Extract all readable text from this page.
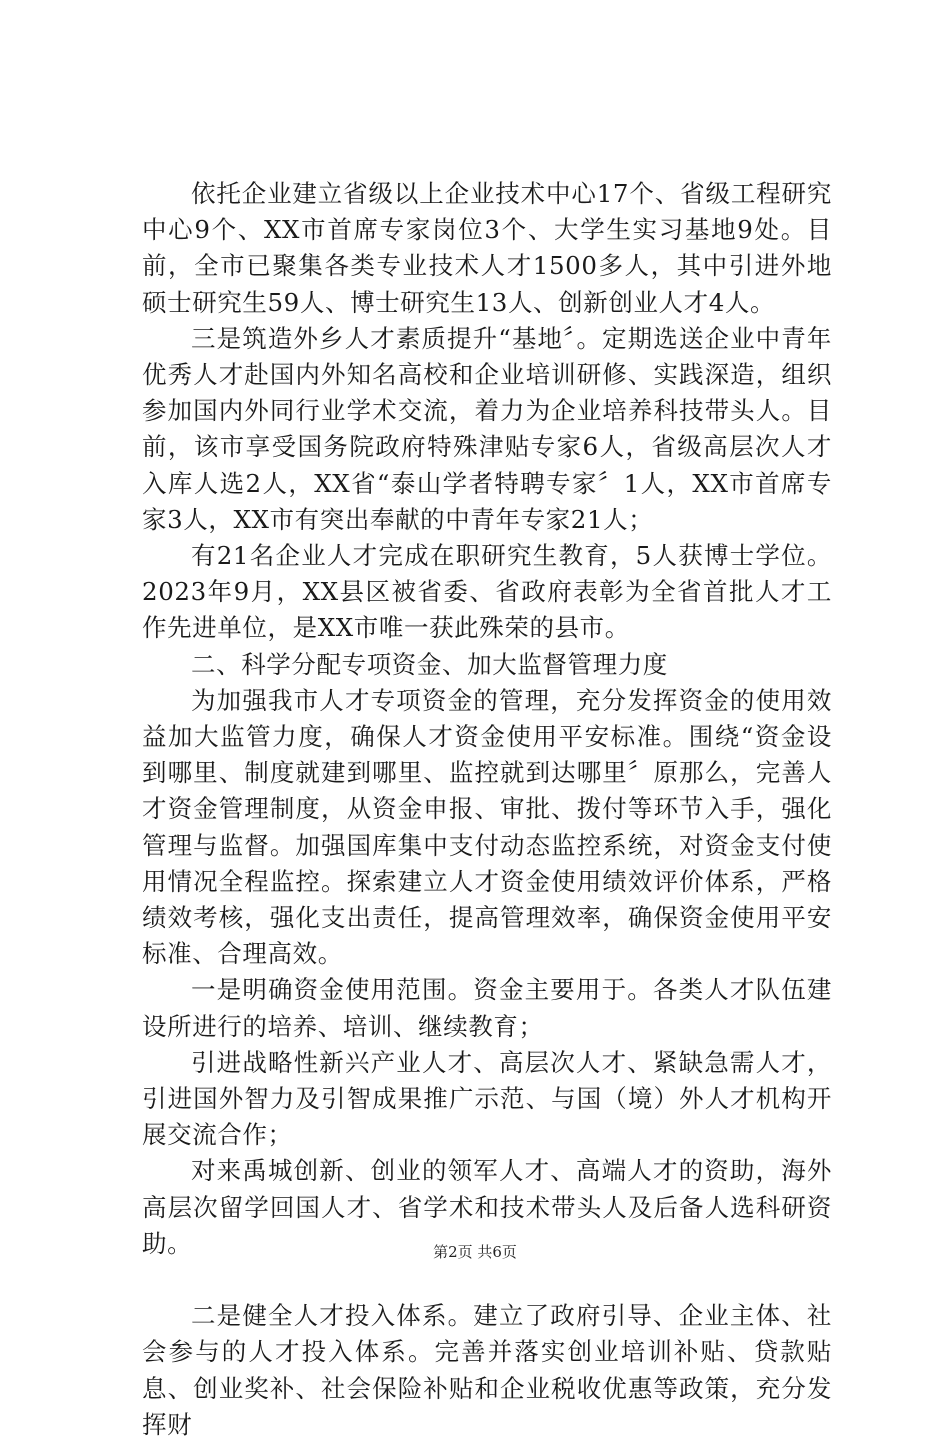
依托企业建立省级以上企业技术中心17个、省级工程研究中心9个、XX市首席专家岗位3个、大学生实习基地9处。目前，全市已聚集各类专业技术人才1500多人，其中引进外地硕士研究生59人、博士研究生13人、创新创业人才4人。

三是筑造外乡人才素质提升“基地〞。定期选送企业中青年优秀人才赴国内外知名高校和企业培训研修、实践深造，组织参加国内外同行业学术交流，着力为企业培养科技带头人。目前，该市享受国务院政府特殊津贴专家6人，省级高层次人才入库人选2人，XX省“泰山学者特聘专家〞1人，XX市首席专家3人，XX市有突出奉献的中青年专家21人；

有21名企业人才完成在职研究生教育，5人获博士学位。2023年9月，XX县区被省委、省政府表彰为全省首批人才工作先进单位，是XX市唯一获此殊荣的县市。

二、科学分配专项资金、加大监督管理力度

为加强我市人才专项资金的管理，充分发挥资金的使用效益加大监管力度，确保人才资金使用平安标准。围绕“资金设到哪里、制度就建到哪里、监控就到达哪里〞原那么，完善人才资金管理制度，从资金申报、审批、拨付等环节入手，强化管理与监督。加强国库集中支付动态监控系统，对资金支付使用情况全程监控。探索建立人才资金使用绩效评价体系，严格绩效考核，强化支出责任，提高管理效率，确保资金使用平安标准、合理高效。

一是明确资金使用范围。资金主要用于。各类人才队伍建设所进行的培养、培训、继续教育；

引进战略性新兴产业人才、高层次人才、紧缺急需人才，引进国外智力及引智成果推广示范、与国（境）外人才机构开展交流合作；

对来禹城创新、创业的领军人才、高端人才的资助，海外高层次留学回国人才、省学术和技术带头人及后备人选科研资助。

二是健全人才投入体系。建立了政府引导、企业主体、社会参与的人才投入体系。完善并落实创业培训补贴、贷款贴息、创业奖补、社会保险补贴和企业税收优惠等政策，充分发挥财

第2页 共6页
